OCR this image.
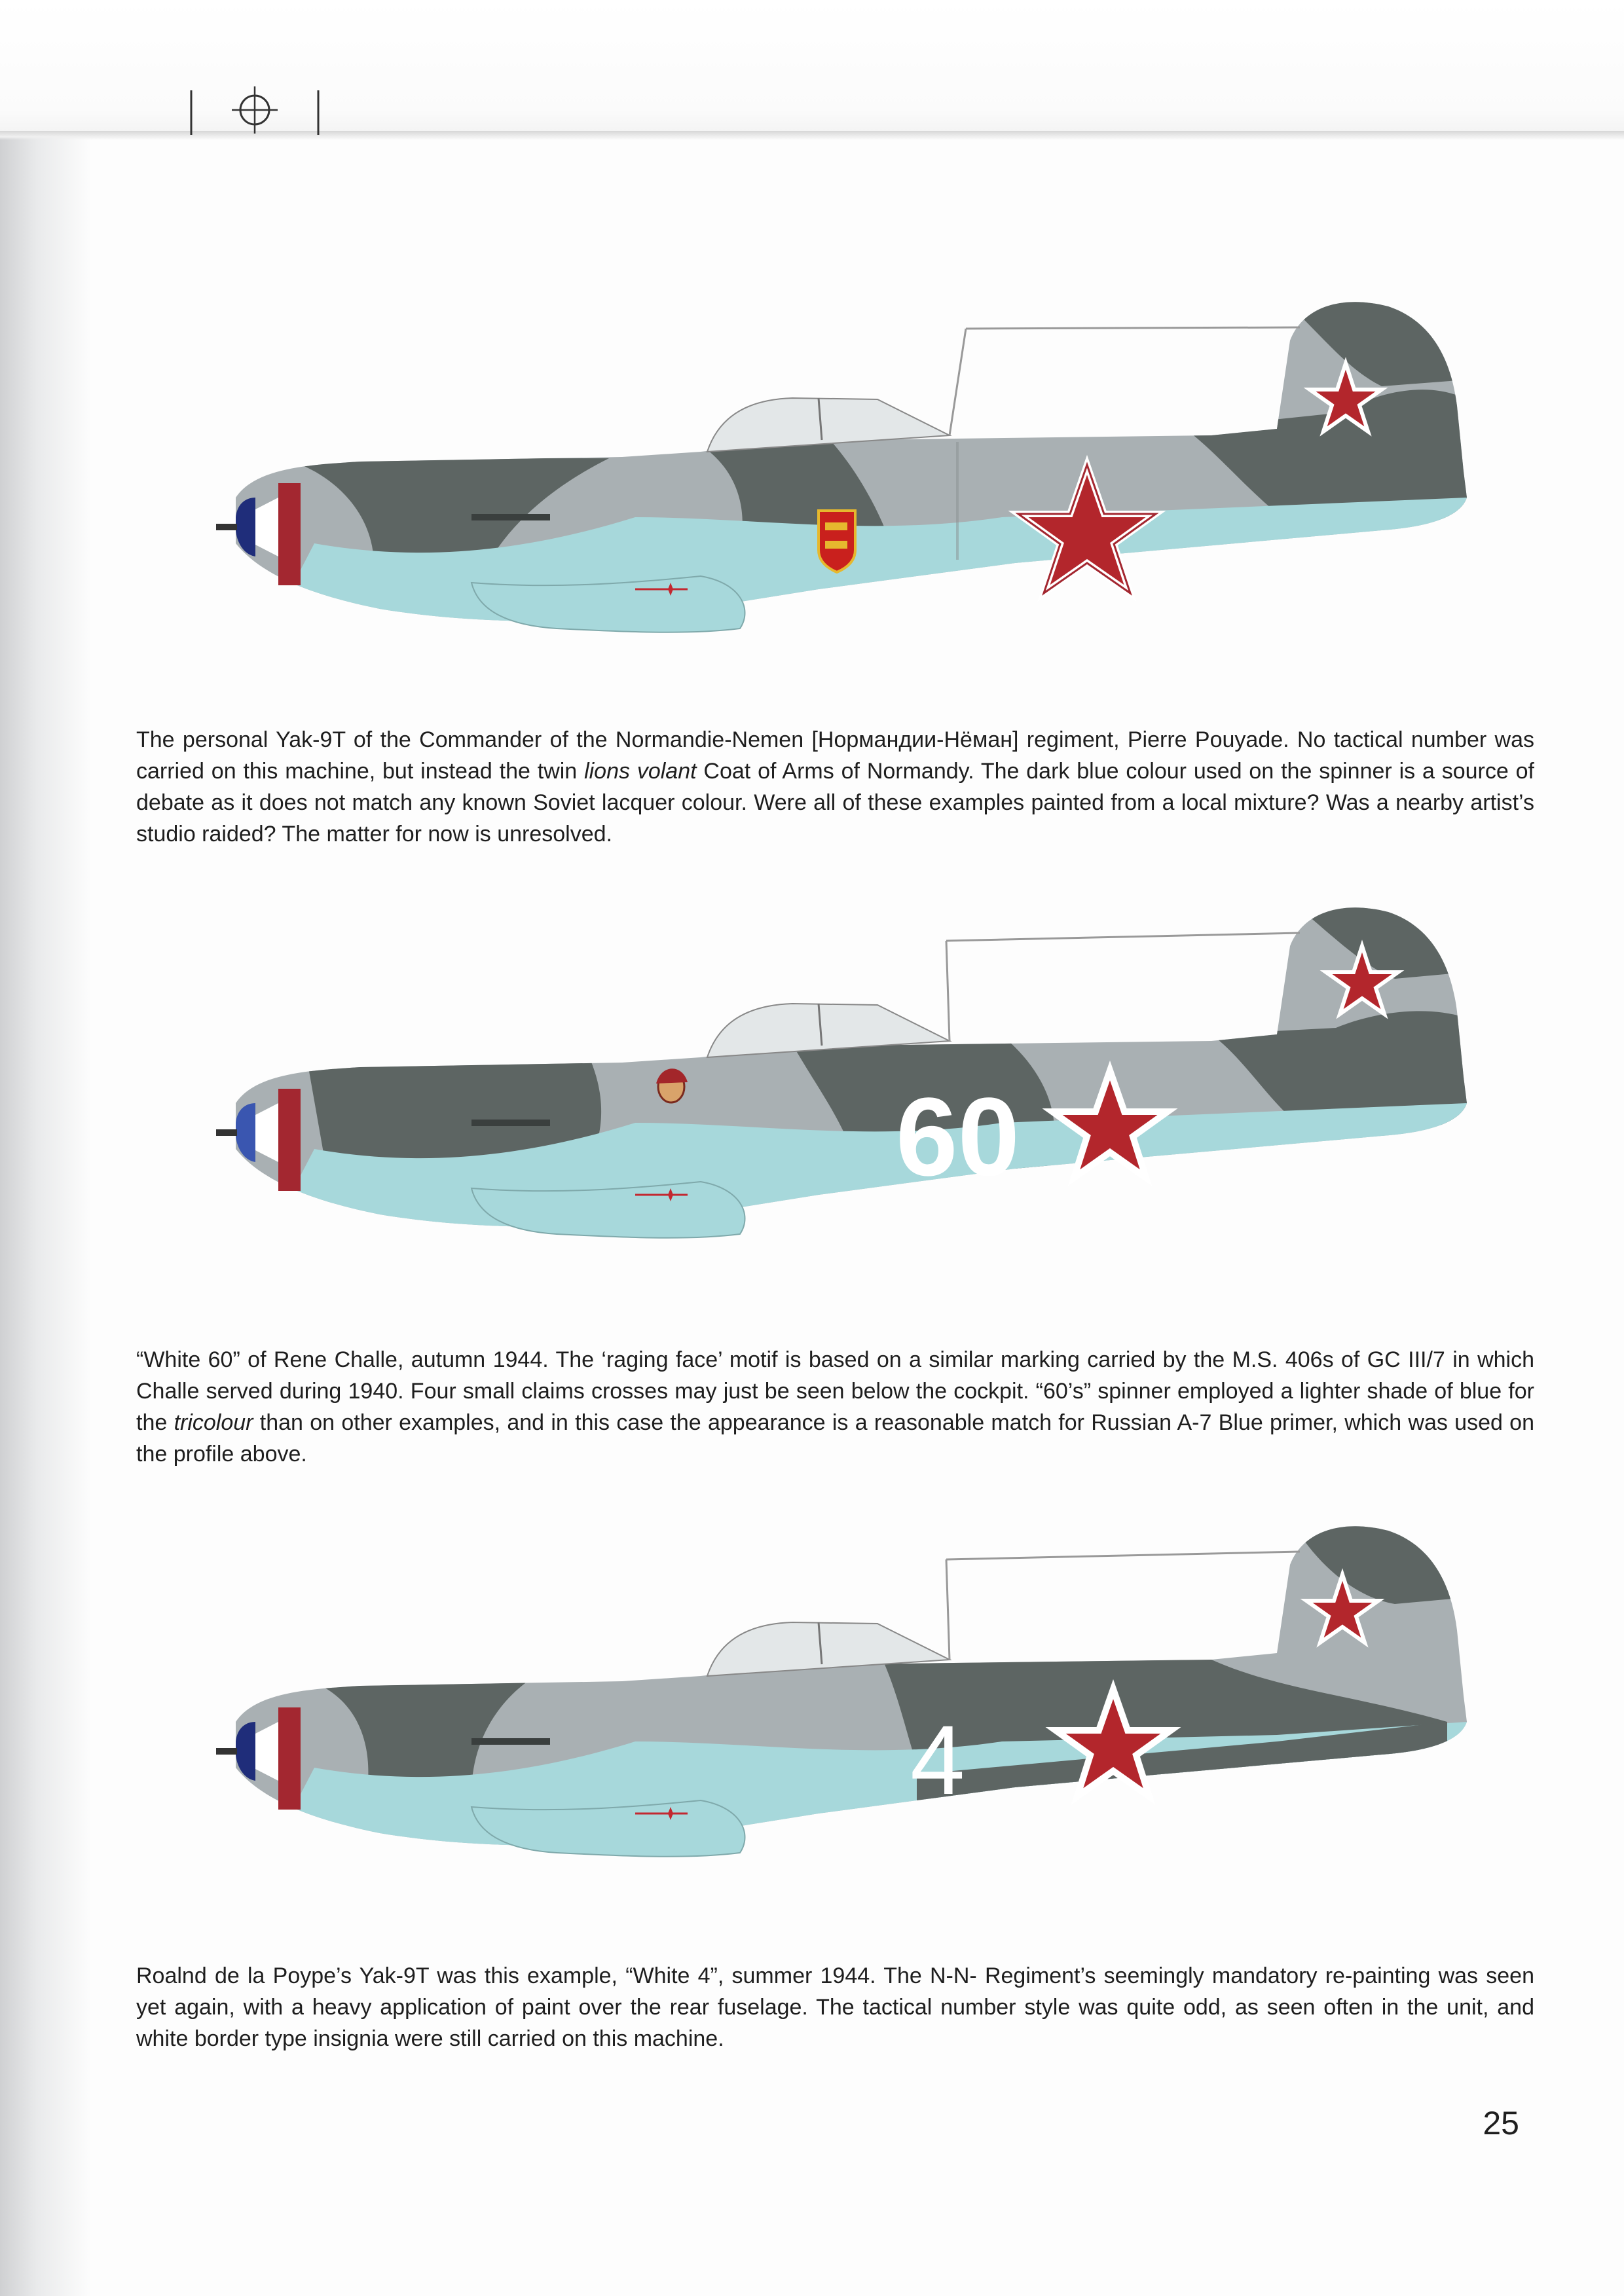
The personal Yak-9T of the Commander of the Normandie-Nemen [Нормандии-Нёман] regiment, Pierre Pouyade. No tactical number was carried on this machine, but instead the twin lions volant Coat of Arms of Normandy. The dark blue colour used on the spinner is a source of debate as it does not match any known Soviet lacquer colour. Were all of these examples painted from a local mixture? Was a nearby artist’s studio raided? The matter for now is unresolved.

60

“White 60” of Rene Challe, autumn 1944. The ‘raging face’ motif is based on a similar marking carried by the M.S. 406s of GC III/7 in which Challe served during 1940. Four small claims crosses may just be seen below the cockpit. “60’s” spinner employed a lighter shade of blue for the tricolour than on other examples, and in this case the appearance is a reasonable match for Russian A-7 Blue primer, which was used on the profile above.

4

Roalnd de la Poype’s Yak-9T was this example, “White 4”, summer 1944. The N-N- Regiment’s seemingly mandatory re-painting was seen yet again, with a heavy application of paint over the rear fuselage. The tactical number style was quite odd, as seen often in the unit, and white border type insignia were still carried on this machine.

25
